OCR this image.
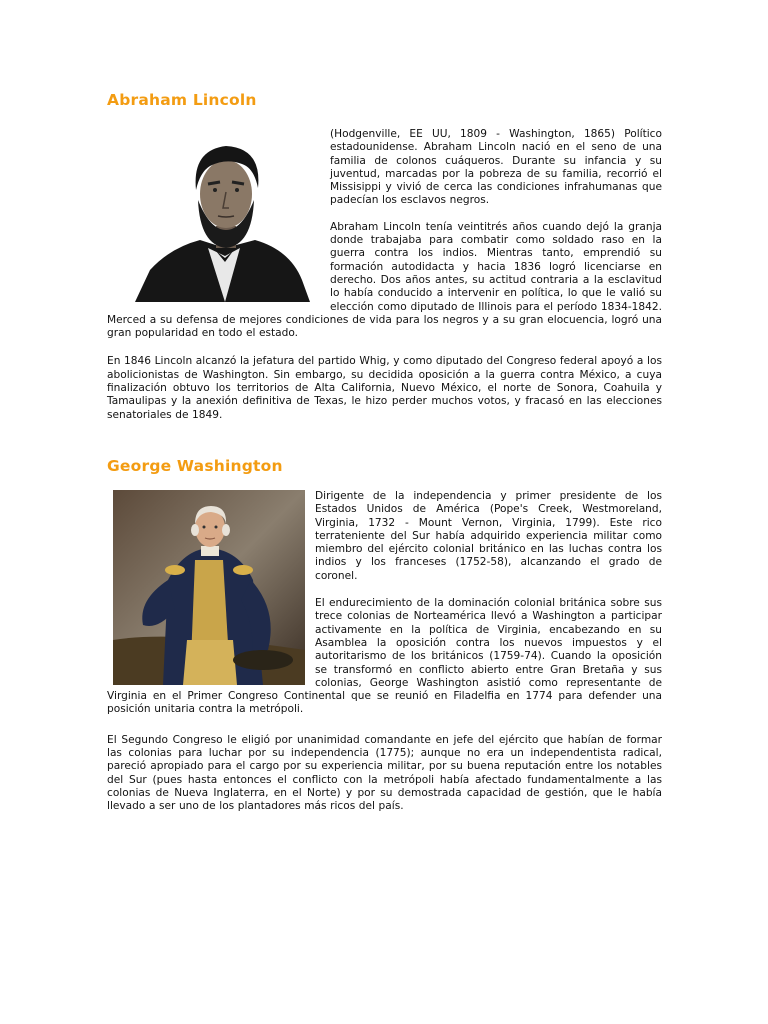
Abraham Lincoln

(Hodgenville, EE UU, 1809 - Washington, 1865) Político estadounidense. Abraham Lincoln nació en el seno de una familia de colonos cuáqueros. Durante su infancia y su juventud, marcadas por la pobreza de su familia, recorrió el Missisippi y vivió de cerca las condiciones infrahumanas que padecían los esclavos negros.

Abraham Lincoln tenía veintitrés años cuando dejó la granja donde trabajaba para combatir como soldado raso en la guerra contra los indios. Mientras tanto, emprendió su formación autodidacta y hacia 1836 logró licenciarse en derecho. Dos años antes, su actitud contraria a la esclavitud lo había conducido a intervenir en política, lo que le valió su elección como diputado de Illinois para el período 1834-1842. Merced a su defensa de mejores condiciones de vida para los negros y a su gran elocuencia, logró una gran popularidad en todo el estado.

En 1846 Lincoln alcanzó la jefatura del partido Whig, y como diputado del Congreso federal apoyó a los abolicionistas de Washington. Sin embargo, su decidida oposición a la guerra contra México, a cuya finalización obtuvo los territorios de Alta California, Nuevo México, el norte de Sonora, Coahuila y Tamaulipas y la anexión definitiva de Texas, le hizo perder muchos votos, y fracasó en las elecciones senatoriales de 1849.

George Washington

Dirigente de la independencia y primer presidente de los Estados Unidos de América (Pope's Creek, Westmoreland, Virginia, 1732 - Mount Vernon, Virginia, 1799). Este rico terrateniente del Sur había adquirido experiencia militar como miembro del ejército colonial británico en las luchas contra los indios y los franceses (1752-58), alcanzando el grado de coronel.

El endurecimiento de la dominación colonial británica sobre sus trece colonias de Norteamérica llevó a Washington a participar activamente en la política de Virginia, encabezando en su Asamblea la oposición contra los nuevos impuestos y el autoritarismo de los británicos (1759-74). Cuando la oposición se transformó en conflicto abierto entre Gran Bretaña y sus colonias, George Washington asistió como representante de Virginia en el Primer Congreso Continental que se reunió en Filadelfia en 1774 para defender una posición unitaria contra la metrópoli.

El Segundo Congreso le eligió por unanimidad comandante en jefe del ejército que habían de formar las colonias para luchar por su independencia (1775); aunque no era un independentista radical, pareció apropiado para el cargo por su experiencia militar, por su buena reputación entre los notables del Sur (pues hasta entonces el conflicto con la metrópoli había afectado fundamentalmente a las colonias de Nueva Inglaterra, en el Norte) y por su demostrada capacidad de gestión, que le había llevado a ser uno de los plantadores más ricos del país.
